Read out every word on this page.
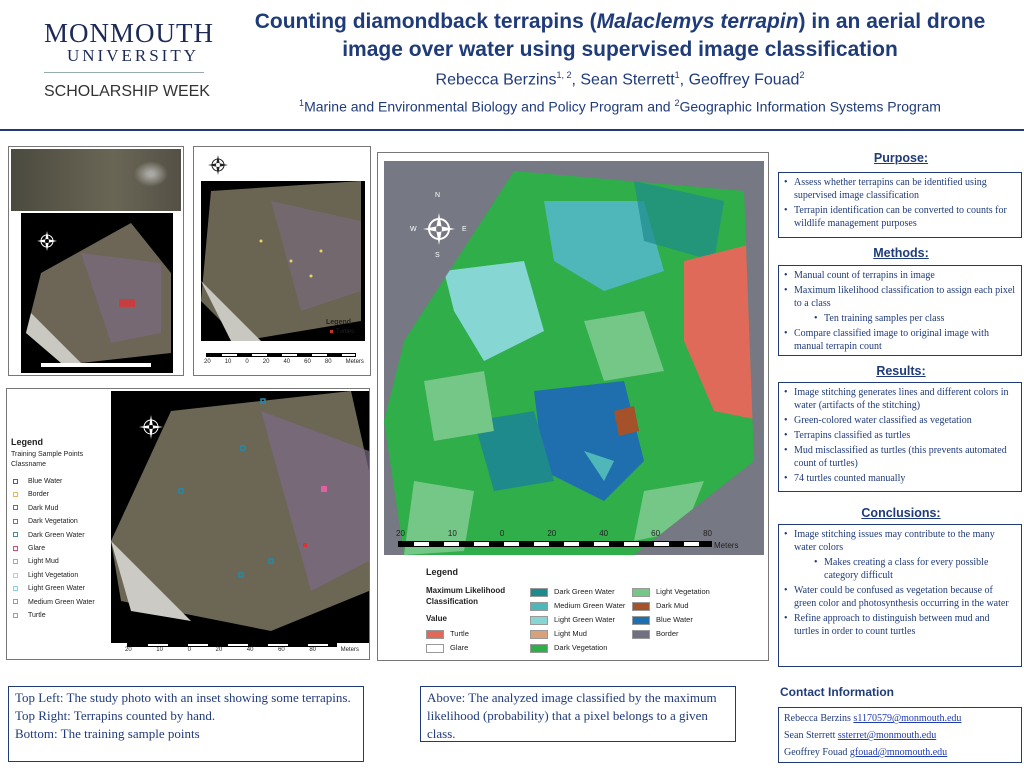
MONMOUTH
UNIVERSITY
SCHOLARSHIP WEEK
Counting diamondback terrapins (Malaclemys terrapin) in an aerial drone image over water using supervised image classification
Rebecca Berzins$^{1, 2}$, Sean Sterrett$^1$, Geoffrey Fouad$^2$
$^1$Marine and Environmental Biology and Policy Program and $^2$Geographic Information Systems Program
Legend
Turtles
20 10 0 20 40 60 80 Meters
Legend
Training Sample Points
Classname
Blue Water
Border
Dark Mud
Dark Vegetation
Dark Green Water
Glare
Light Mud
Light Vegetation
Light Green Water
Medium Green Water
Turtle
20	10	0	20	40	60	80	Meters
N
S
E
W
20	10	0	20	40	60	80
Meters
Legend
Maximum Likelihood Classification
Value
Turtle
Glare
Dark Green Water
Medium Green Water
Light Green Water
Light Mud
Dark Vegetation
Light Vegetation
Dark Mud
Blue Water
Border
Purpose:
• Assess whether terrapins can be identified using supervised image classification
• Terrapin identification can be converted to counts for wildlife management purposes
Methods:
• Manual count of terrapins in image
• Maximum likelihood classification to assign each pixel to a class
• Ten training samples per class
• Compare classified image to original image with manual terrapin count
Results:
• Image stitching generates lines and different colors in water (artifacts of the stitching)
• Green-colored water classified as vegetation
• Terrapins classified as turtles
• Mud misclassified as turtles (this prevents automated count of turtles)
• 74 turtles counted manually
Conclusions:
• Image stitching issues may contribute to the many water colors
• Makes creating a class for every possible category difficult
• Water could be confused as vegetation because of green color and photosynthesis occurring in the water
• Refine approach to distinguish between mud and turtles in order to count turtles
Contact Information
Rebecca Berzins s1170579@monmouth.edu
Sean Sterrett ssterret@monmouth.edu
Geoffrey Fouad gfouad@mnomouth.edu
Top Left: The study photo with an inset showing some terrapins.
Top Right: Terrapins counted by hand.
Bottom: The training sample points
Above: The analyzed image classified by the maximum likelihood (probability) that a pixel belongs to a given class.
